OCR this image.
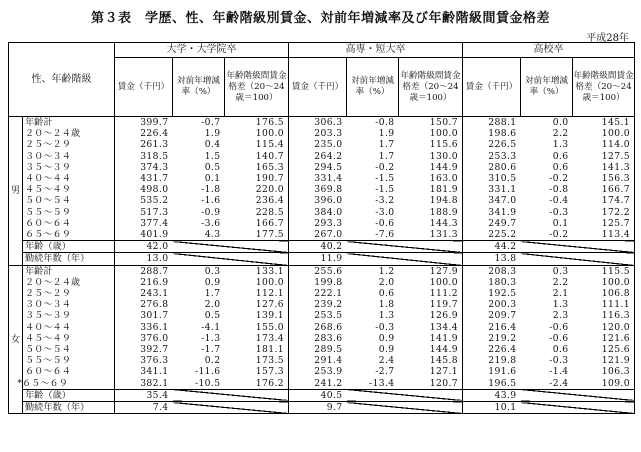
第３表　学歴、性、年齢階級別賃金、対前年増減率及び年齢階級間賃金格差
平成28年
性、年齢階級		大学・大学院卒			高専・短大卒			高校卒		
		賃金（千円）	対前年増減率（%）	年齢階級間賃金格差（20～24歳＝100）	賃金（千円）	対前年増減率（%）	年齢階級間賃金格差（20～24歳＝100）	賃金（千円）	対前年増減率（%）	年齢階級間賃金格差（20～24歳＝100）
男	年齢計	399.7	-0.7	176.5	306.3	-0.8	150.7	288.1	0.0	145.1
	２０～２４歳	226.4	1.9	100.0	203.3	1.9	100.0	198.6	2.2	100.0
	２５～２９	261.3	0.4	115.4	235.0	1.7	115.6	226.5	1.3	114.0
	３０～３４	318.5	1.5	140.7	264.2	1.7	130.0	253.3	0.6	127.5
	３５～３９	374.3	0.5	165.3	294.5	-0.2	144.9	280.6	0.6	141.3
	４０～４４	431.7	0.1	190.7	331.4	-1.5	163.0	310.5	-0.2	156.3
	４５～４９	498.0	-1.8	220.0	369.8	-1.5	181.9	331.1	-0.8	166.7
	５０～５４	535.2	-1.6	236.4	396.0	-3.2	194.8	347.0	-0.4	174.7
	５５～５９	517.3	-0.9	228.5	384.0	-3.0	188.9	341.9	-0.3	172.2
	６０～６４	377.4	-3.6	166.7	293.3	-0.6	144.3	249.7	0.1	125.7
	６５～６９	401.9	4.3	177.5	267.0	-7.6	131.3	225.2	-0.2	113.4
	年齢（歳）	42.0			40.2			44.2		
	勤続年数（年）	13.0			11.9			13.8		
女	年齢計	288.7	0.3	133.1	255.6	1.2	127.9	208.3	0.3	115.5
	２０～２４歳	216.9	0.9	100.0	199.8	2.0	100.0	180.3	2.2	100.0
	２５～２９	243.1	1.7	112.1	222.1	0.6	111.2	192.5	2.1	106.8
	３０～３４	276.8	2.0	127.6	239.2	1.8	119.7	200.3	1.3	111.1
	３５～３９	301.7	0.5	139.1	253.5	1.3	126.9	209.7	2.3	116.3
	４０～４４	336.1	-4.1	155.0	268.6	-0.3	134.4	216.4	-0.6	120.0
	４５～４９	376.0	-1.3	173.4	283.6	0.9	141.9	219.2	-0.6	121.6
	５０～５４	392.7	-1.7	181.1	289.5	0.9	144.9	226.4	0.6	125.6
	５５～５９	376.3	0.2	173.5	291.4	2.4	145.8	219.8	-0.3	121.9
	６０～６４	341.1	-11.6	157.3	253.9	-2.7	127.1	191.6	-1.4	106.3
	*６５～６９	382.1	-10.5	176.2	241.2	-13.4	120.7	196.5	-2.4	109.0
	年齢（歳）	35.4			40.5			43.9		
	勤続年数（年）	7.4			9.7			10.1		
